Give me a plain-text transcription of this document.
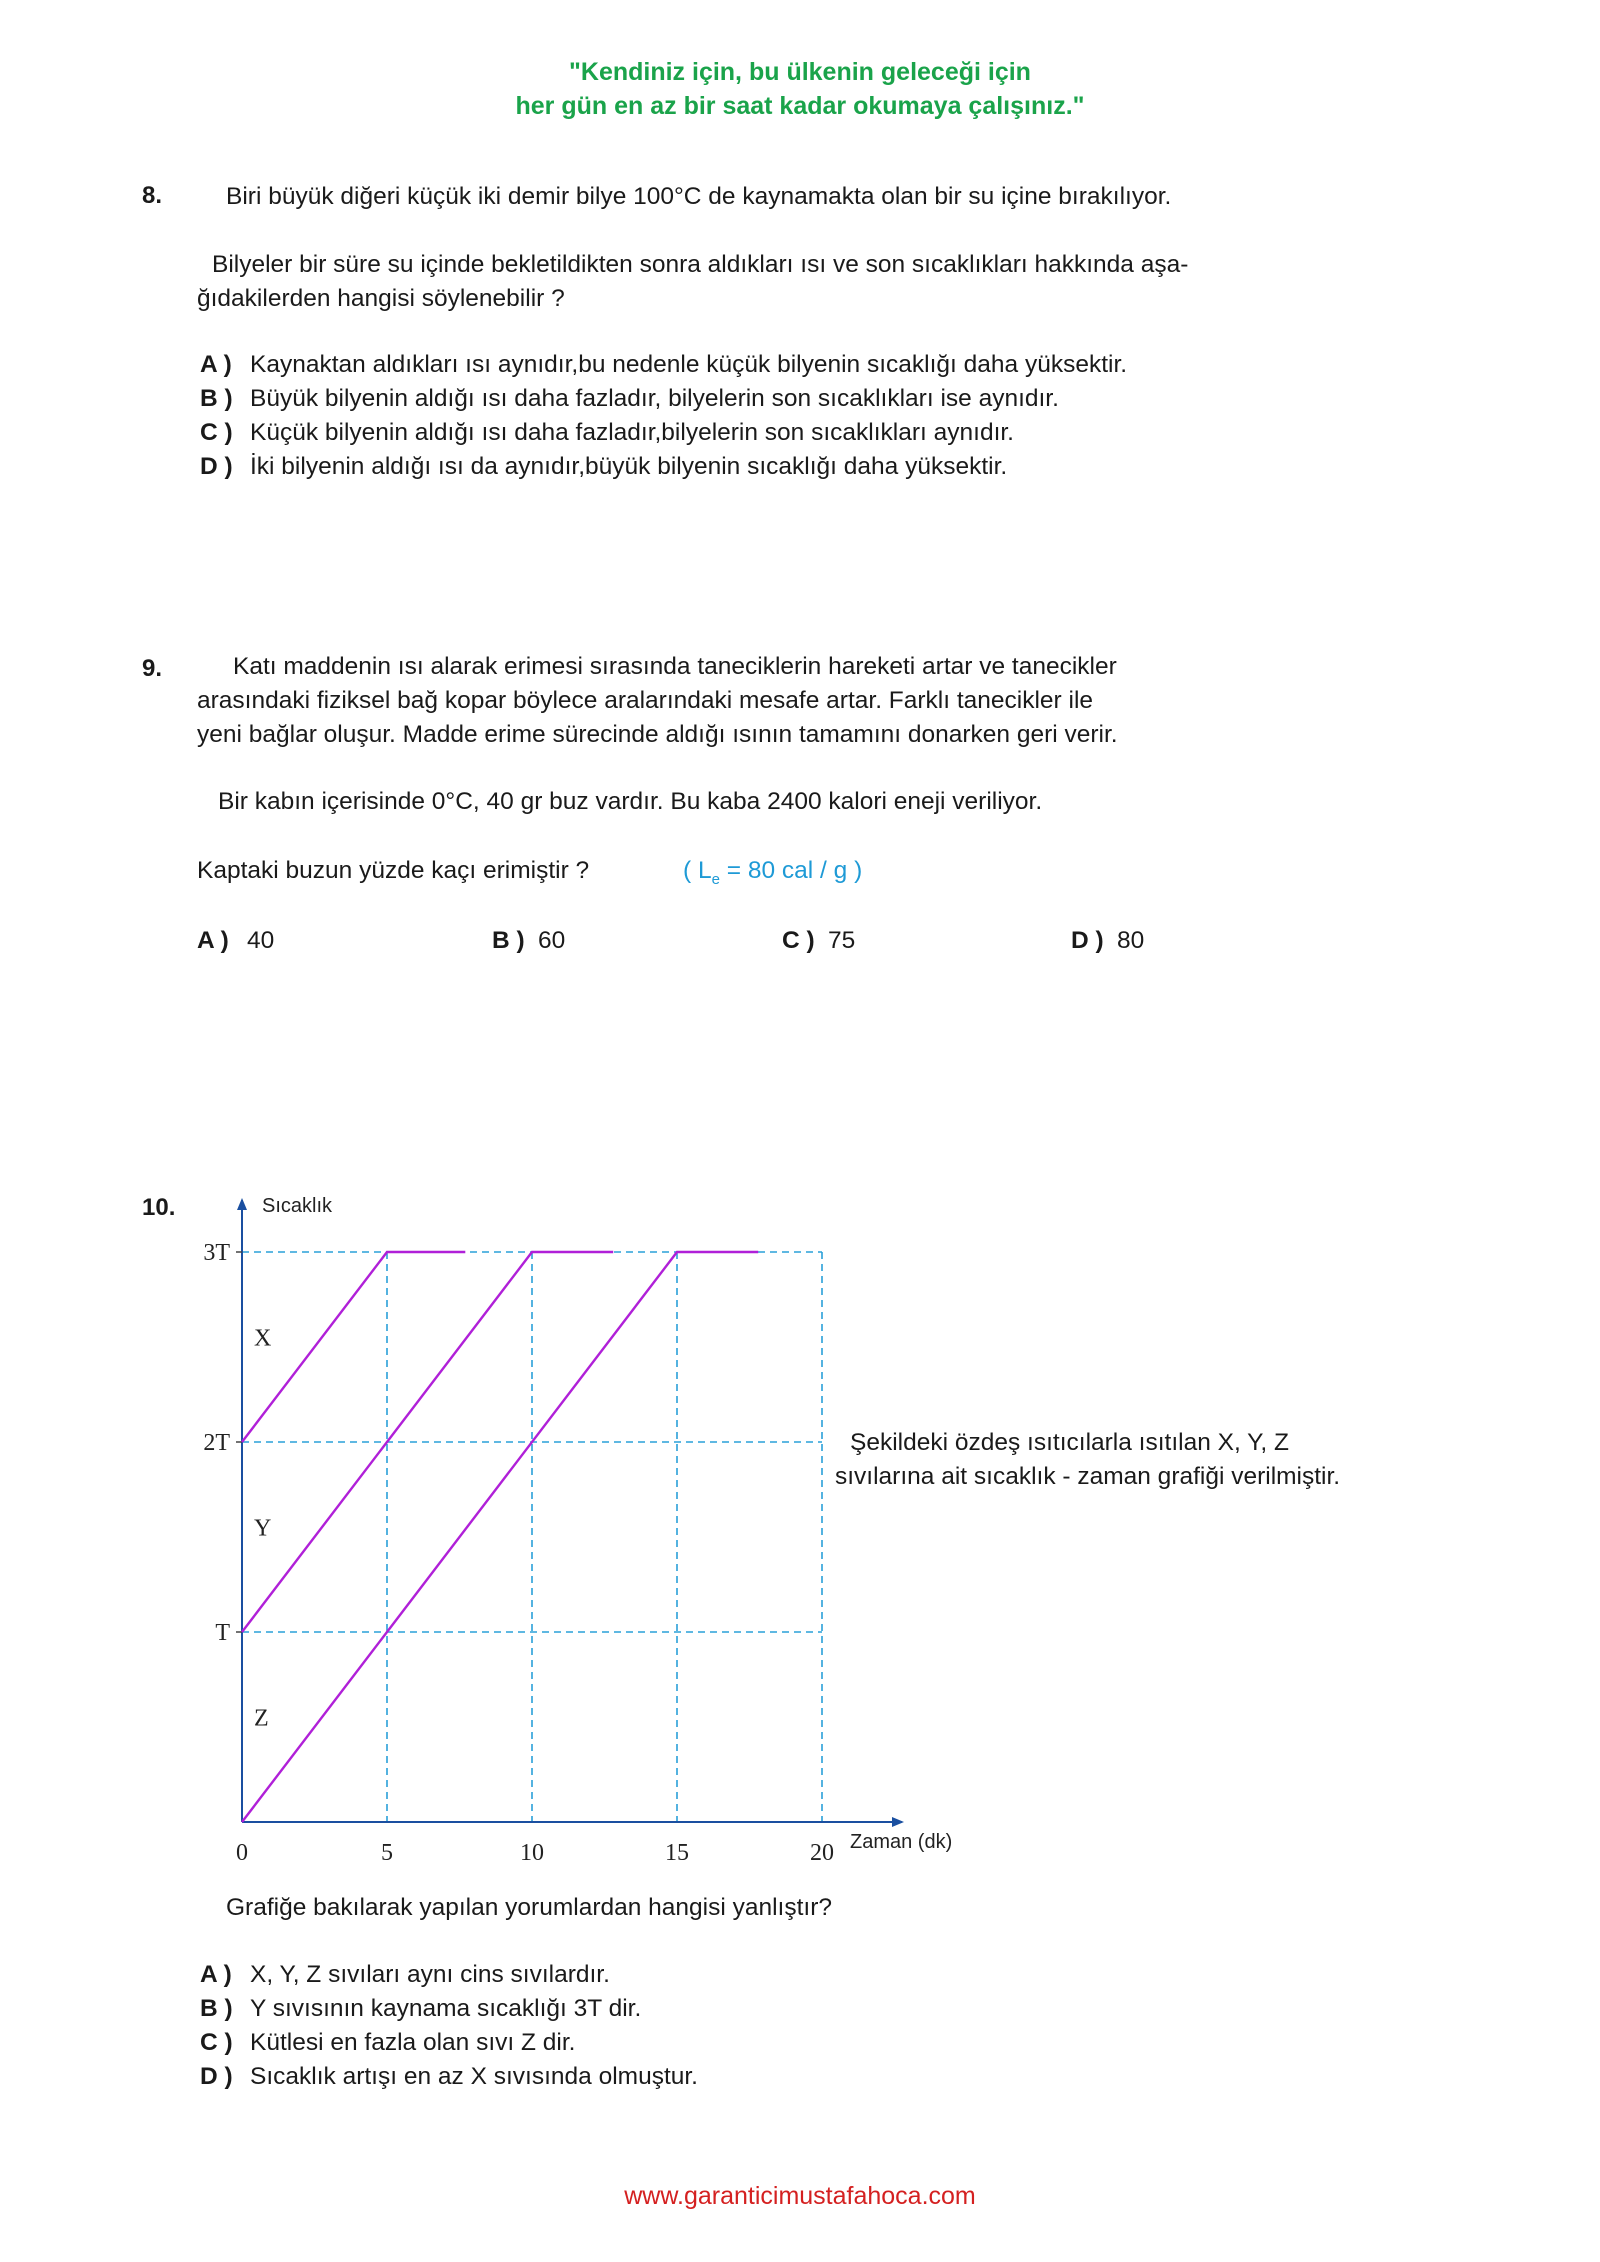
"Kendiniz için, bu ülkenin geleceği için
her gün en az bir saat kadar okumaya çalışınız."
8.	Biri büyük diğeri küçük iki demir bilye 100°C de kaynamakta olan bir su içine bırakılıyor.
Bilyeler bir süre su içinde bekletildikten sonra aldıkları ısı ve son sıcaklıkları hakkında aşa-
ğıdakilerden hangisi söylenebilir ?
A ) Kaynaktan aldıkları ısı aynıdır,bu nedenle küçük bilyenin sıcaklığı daha yüksektir.
B ) Büyük bilyenin aldığı ısı daha fazladır, bilyelerin son sıcaklıkları ise aynıdır.
C ) Küçük bilyenin aldığı ısı daha fazladır,bilyelerin son sıcaklıkları aynıdır.
D ) İki bilyenin aldığı ısı da aynıdır,büyük bilyenin sıcaklığı daha yüksektir.
9.	Katı maddenin ısı alarak erimesi sırasında taneciklerin hareketi artar ve tanecikler
arasındaki fiziksel bağ kopar böylece aralarındaki mesafe artar. Farklı tanecikler ile
yeni bağlar oluşur. Madde erime sürecinde aldığı ısının tamamını donarken geri verir.
Bir kabın içerisinde 0°C, 40 gr buz vardır. Bu kaba 2400 kalori eneji veriliyor.
Kaptaki buzun yüzde kaçı erimiştir ?	( $L_e = 80$ cal / g )
A ) 40	B ) 60	C ) 75	D ) 80
10.
X
Y
Z
T
2T
3T
0	5	10	15	20
Sıcaklık
Zaman (dk)
Şekildeki özdeş ısıtıcılarla ısıtılan X, Y, Z
sıvılarına ait sıcaklık - zaman grafiği verilmiştir.
Grafiğe bakılarak yapılan yorumlardan hangisi yanlıştır?
A ) X, Y, Z sıvıları aynı cins sıvılardır.
B ) Y sıvısının kaynama sıcaklığı 3T dir.
C ) Kütlesi en fazla olan sıvı Z dir.
D ) Sıcaklık artışı en az X sıvısında olmuştur.
www.garanticimustafahoca.com
